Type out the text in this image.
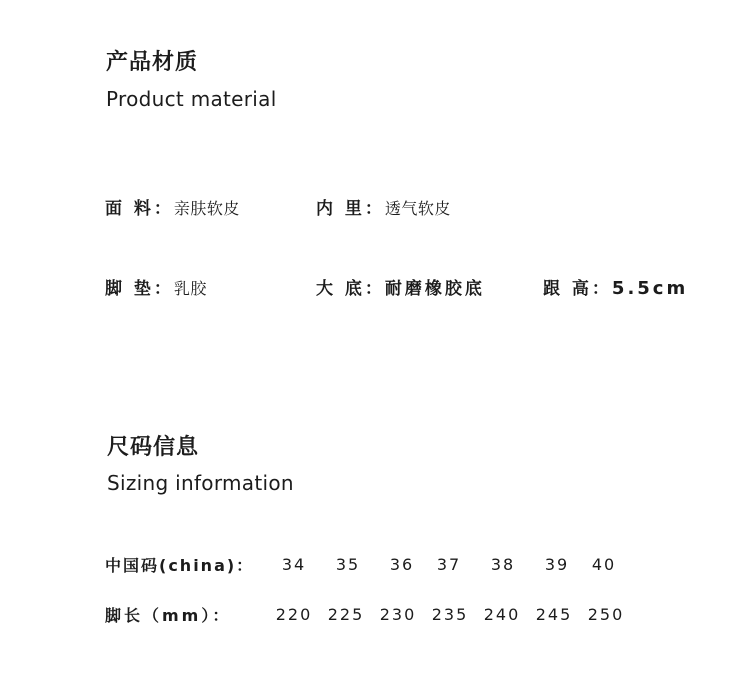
产品材质
Product material
面 料：亲肤软皮	内 里：透气软皮
脚 垫：乳胶	大 底：耐磨橡胶底	跟 高：5.5cm
尺码信息
Sizing information
中国码(china)：	34	35	36	37	38	39	40
脚长（mm）：	220 225 230 235 240 245 250
